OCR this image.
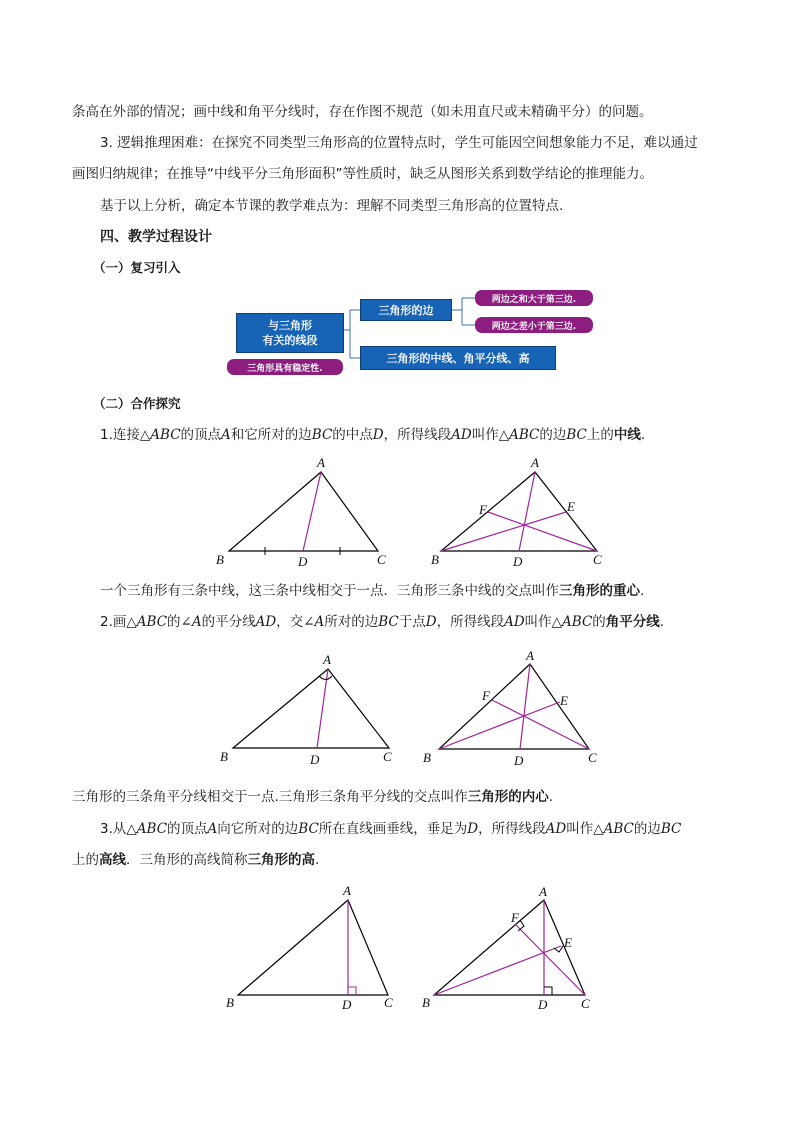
条高在外部的情况；画中线和角平分线时，存在作图不规范（如未用直尺或未精确平分）的问题。
3. 逻辑推理困难：在探究不同类型三角形高的位置特点时，学生可能因空间想象能力不足，难以通过
画图归纳规律；在推导“中线平分三角形面积”等性质时，缺乏从图形关系到数学结论的推理能力。
基于以上分析，确定本节课的教学难点为：理解不同类型三角形高的位置特点.
四、教学过程设计
（一）复习引入
与三角形
有关的线段
三角形的边
两边之和大于第三边.
两边之差小于第三边.
三角形的中线、角平分线、高
三角形具有稳定性.
（二）合作探究
1.连接△ABC的顶点A和它所对的边BC的中点D，所得线段AD叫作△ABC的边BC上的中线.
A
B	D	C
A
F	E
B	D	C
一个三角形有三条中线，这三条中线相交于一点．三角形三条中线的交点叫作三角形的重心.
2.画△ABC的∠A的平分线AD，交∠A所对的边BC于点D，所得线段AD叫作△ABC的角平分线.
A
B	D	C
A
F	E
B	D	C
三角形的三条角平分线相交于一点.三角形三条角平分线的交点叫作三角形的内心.
3.从△ABC的顶点A向它所对的边BC所在直线画垂线，垂足为D，所得线段AD叫作△ABC的边BC
上的高线．三角形的高线简称三角形的高.
A
B	D	C
A
F
E
B	D	C
